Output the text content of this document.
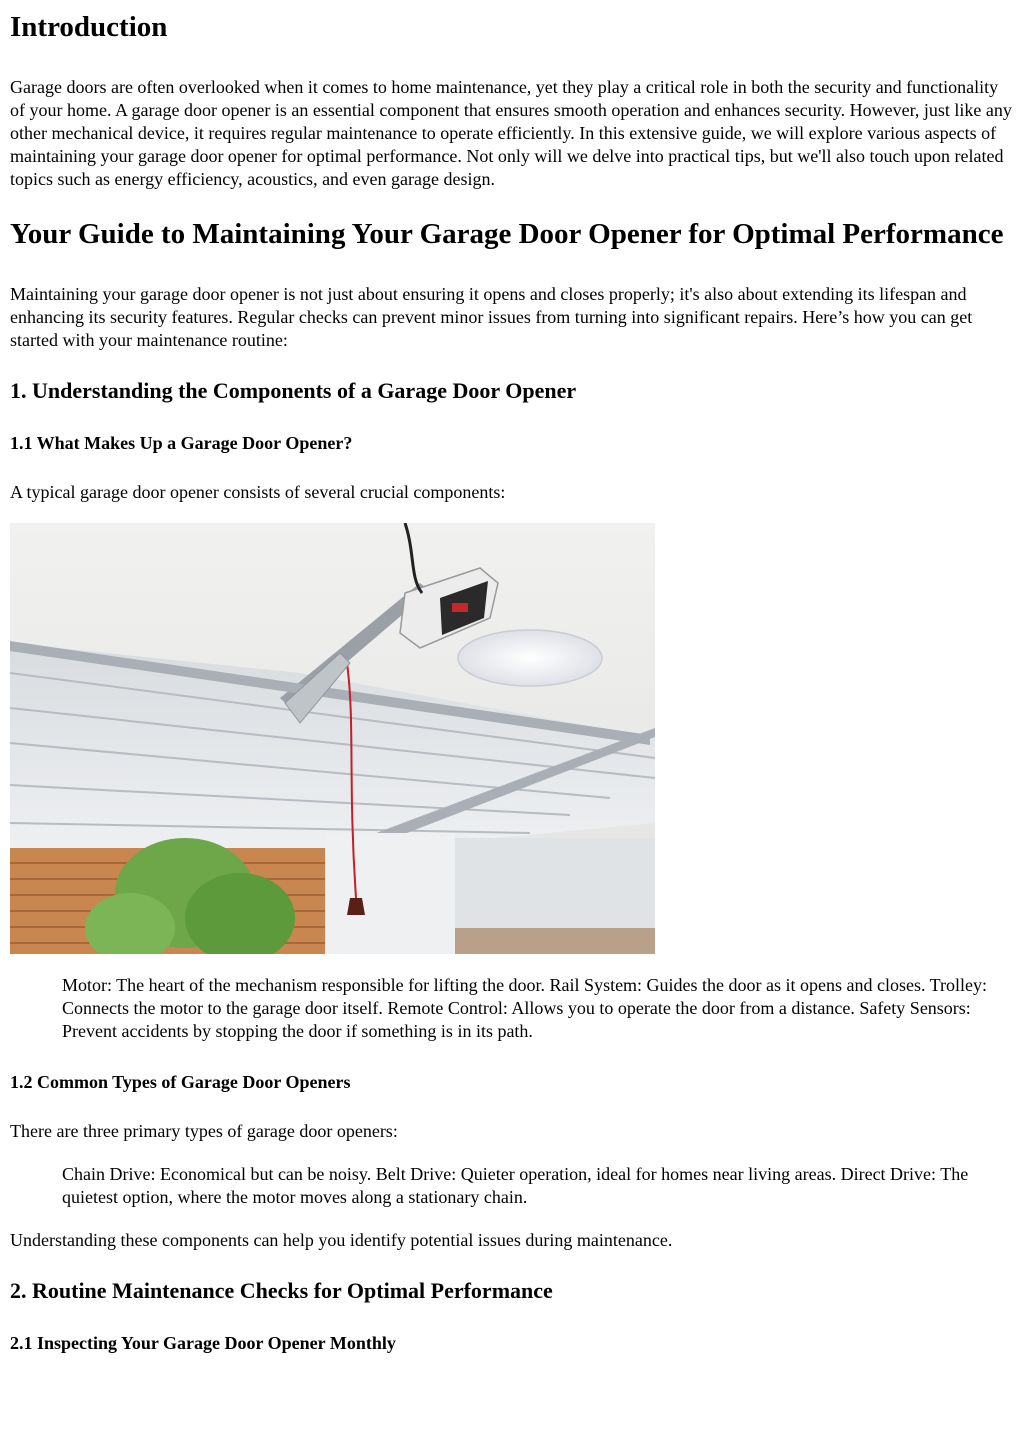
Introduction

Garage doors are often overlooked when it comes to home maintenance, yet they play a critical role in both the security and functionality of your home. A garage door opener is an essential component that ensures smooth operation and enhances security. However, just like any other mechanical device, it requires regular maintenance to operate efficiently. In this extensive guide, we will explore various aspects of maintaining your garage door opener for optimal performance. Not only will we delve into practical tips, but we'll also touch upon related topics such as energy efficiency, acoustics, and even garage design.

Your Guide to Maintaining Your Garage Door Opener for Optimal Performance

Maintaining your garage door opener is not just about ensuring it opens and closes properly; it's also about extending its lifespan and enhancing its security features. Regular checks can prevent minor issues from turning into significant repairs. Here’s how you can get started with your maintenance routine:

1. Understanding the Components of a Garage Door Opener
1.1 What Makes Up a Garage Door Opener?

A typical garage door opener consists of several crucial components:

Motor: The heart of the mechanism responsible for lifting the door. Rail System: Guides the door as it opens and closes. Trolley: Connects the motor to the garage door itself. Remote Control: Allows you to operate the door from a distance. Safety Sensors: Prevent accidents by stopping the door if something is in its path.
1.2 Common Types of Garage Door Openers

There are three primary types of garage door openers:

Chain Drive: Economical but can be noisy. Belt Drive: Quieter operation, ideal for homes near living areas. Direct Drive: The quietest option, where the motor moves along a stationary chain.

Understanding these components can help you identify potential issues during maintenance.

2. Routine Maintenance Checks for Optimal Performance
2.1 Inspecting Your Garage Door Opener Monthly
